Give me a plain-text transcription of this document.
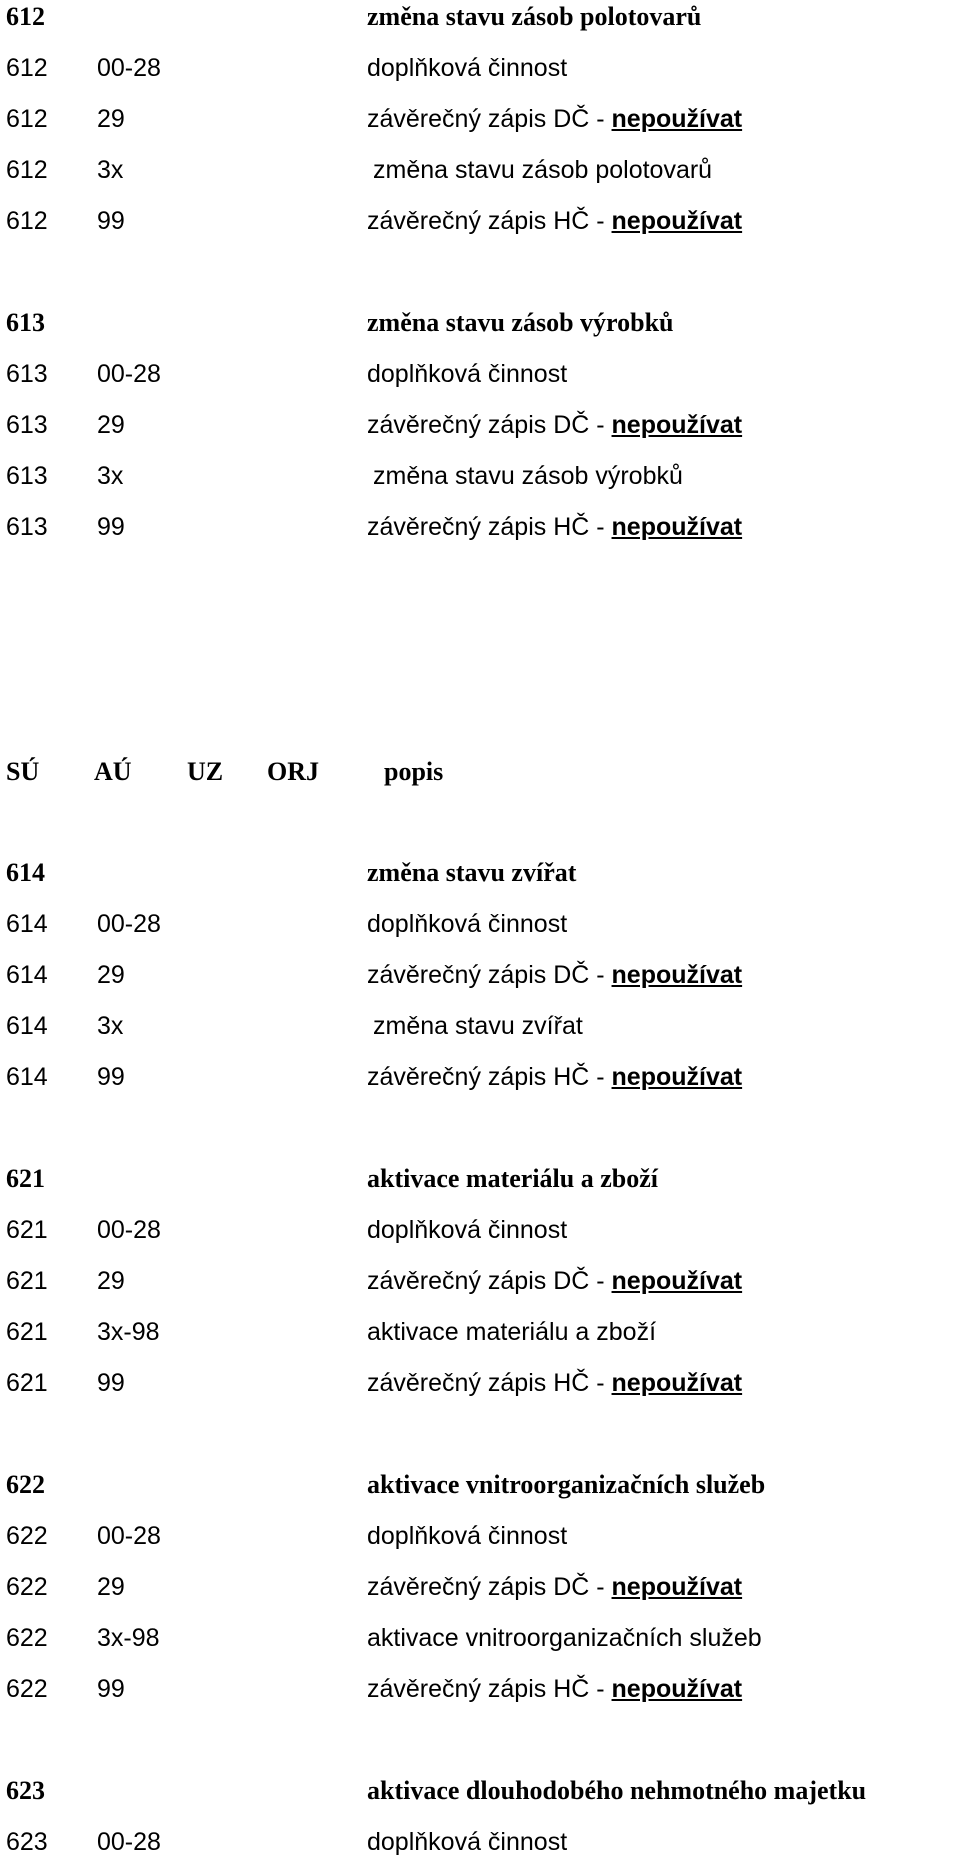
612	změna stavu zásob polotovarů
612 00-28	doplňková činnost
612 29	závěrečný zápis DČ - nepoužívat
612 3x	změna stavu zásob polotovarů
612 99	závěrečný zápis HČ - nepoužívat
613	změna stavu zásob výrobků
613 00-28	doplňková činnost
613 29	závěrečný zápis DČ - nepoužívat
613 3x	změna stavu zásob výrobků
613 99	závěrečný zápis HČ - nepoužívat
SÚ AÚ UZ ORJ	popis
614	změna stavu zvířat
614 00-28	doplňková činnost
614 29	závěrečný zápis DČ - nepoužívat
614 3x	změna stavu zvířat
614 99	závěrečný zápis HČ - nepoužívat
621	aktivace materiálu a zboží
621 00-28	doplňková činnost
621 29	závěrečný zápis DČ - nepoužívat
621 3x-98	aktivace materiálu a zboží
621 99	závěrečný zápis HČ - nepoužívat
622	aktivace vnitroorganizačních služeb
622 00-28	doplňková činnost
622 29	závěrečný zápis DČ - nepoužívat
622 3x-98	aktivace vnitroorganizačních služeb
622 99	závěrečný zápis HČ - nepoužívat
623	aktivace dlouhodobého nehmotného majetku
623 00-28	doplňková činnost
